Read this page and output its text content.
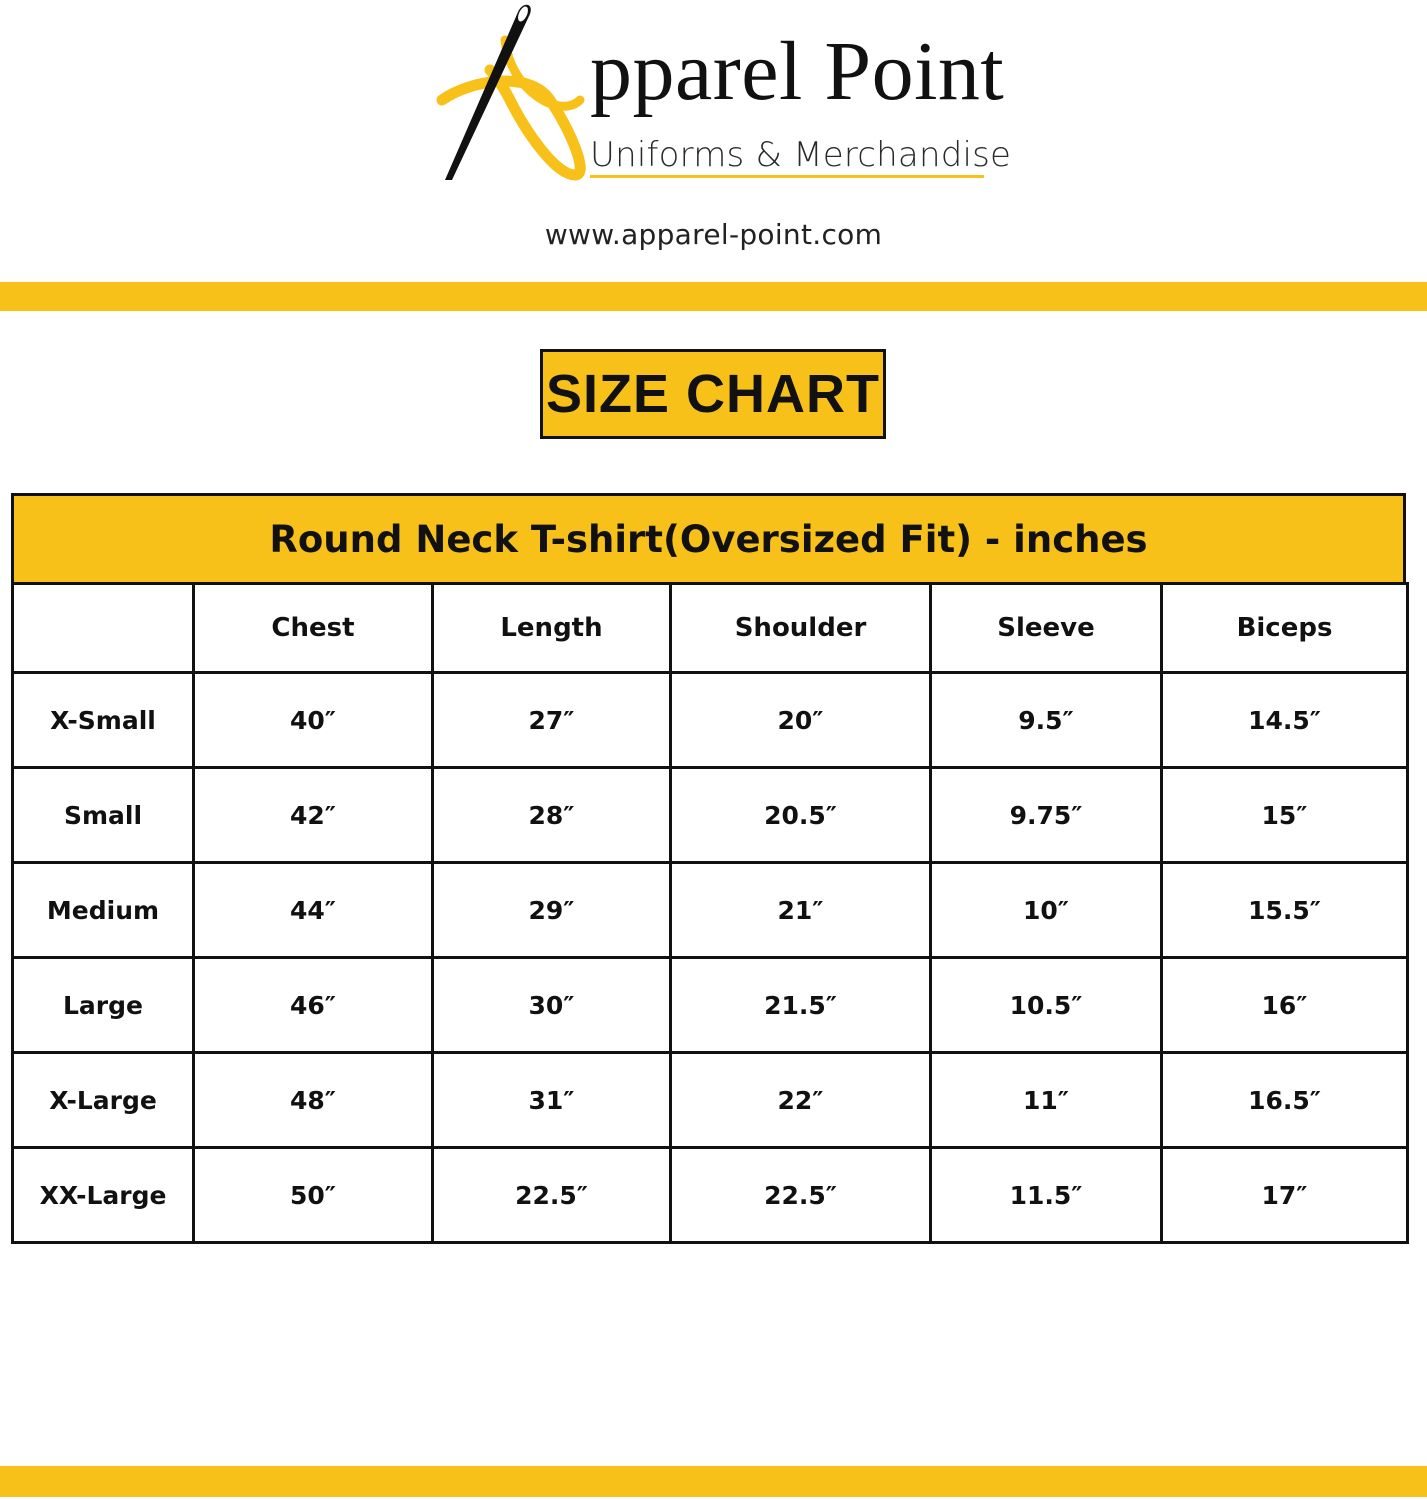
pparel Point
Uniforms & Merchandise
www.apparel-point.com
SIZE CHART
Round Neck T-shirt(Oversized Fit) - inches
	Chest	Length	Shoulder	Sleeve	Biceps
X-Small	40″	27″	20″	9.5″	14.5″
Small	42″	28″	20.5″	9.75″	15″
Medium	44″	29″	21″	10″	15.5″
Large	46″	30″	21.5″	10.5″	16″
X-Large	48″	31″	22″	11″	16.5″
XX-Large	50″	22.5″	22.5″	11.5″	17″
